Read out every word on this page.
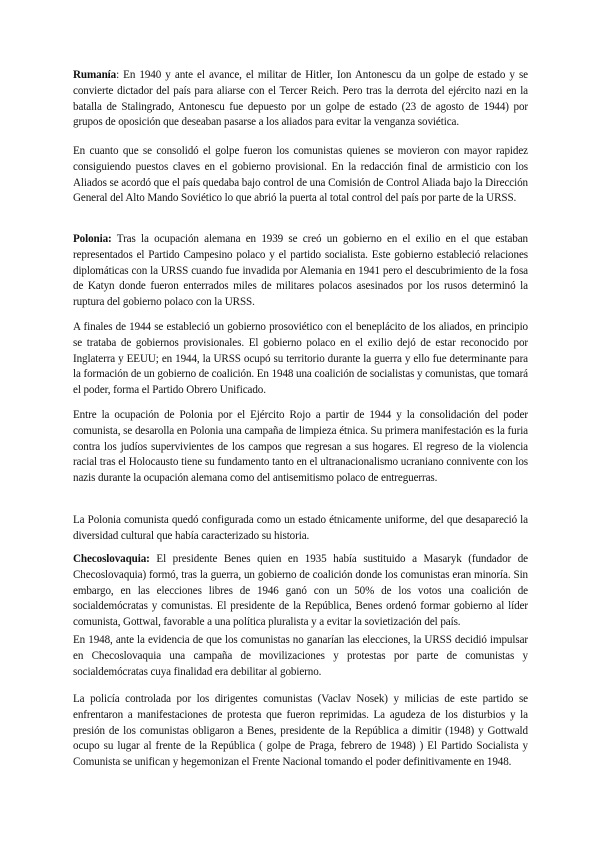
Rumanía: En 1940 y ante el avance, el militar de Hitler, Ion Antonescu da un golpe de estado y se convierte dictador del país para aliarse con el Tercer Reich. Pero tras la derrota del ejército nazi en la batalla de Stalingrado, Antonescu fue depuesto por un golpe de estado (23 de agosto de 1944) por grupos de oposición que deseaban pasarse a los aliados para evitar la venganza soviética.

En cuanto que se consolidó el golpe fueron los comunistas quienes se movieron con mayor rapidez consiguiendo puestos claves en el gobierno provisional. En la redacción final de armisticio con los Aliados se acordó que el país quedaba bajo control de una Comisión de Control Aliada bajo la Dirección General del Alto Mando Soviético lo que abrió la puerta al total control del país por parte de la URSS.

Polonia: Tras la ocupación alemana en 1939 se creó un gobierno en el exilio en el que estaban representados el Partido Campesino polaco y el partido socialista. Este gobierno estableció relaciones diplomáticas con la URSS cuando fue invadida por Alemania en 1941 pero el descubrimiento de la fosa de Katyn donde fueron enterrados miles de militares polacos asesinados por los rusos determinó la ruptura del gobierno polaco con la URSS.

A finales de 1944 se estableció un gobierno prosoviético con el beneplácito de los aliados, en principio se trataba de gobiernos provisionales. El gobierno polaco en el exilio dejó de estar reconocido por Inglaterra y EEUU; en 1944, la URSS ocupó su territorio durante la guerra y ello fue determinante para la formación de un gobierno de coalición. En 1948 una coalición de socialistas y comunistas, que tomará el poder, forma el Partido Obrero Unificado.

Entre la ocupación de Polonia por el Ejército Rojo a partir de 1944 y la consolidación del poder comunista, se desarolla en Polonia una campaña de limpieza étnica. Su primera manifestación es la furia contra los judíos supervivientes de los campos que regresan a sus hogares. El regreso de la violencia racial tras el Holocausto tiene su fundamento tanto en el ultranacionalismo ucraniano connivente con los nazis durante la ocupación alemana como del antisemitismo polaco de entreguerras.

La Polonia comunista quedó configurada como un estado étnicamente uniforme, del que desapareció la diversidad cultural que había caracterizado su historia.

Checoslovaquia: El presidente Benes quien en 1935 había sustituido a Masaryk (fundador de Checoslovaquia) formó, tras la guerra, un gobierno de coalición donde los comunistas eran minoría. Sin embargo, en las elecciones libres de 1946 ganó con un 50% de los votos una coalición de socialdemócratas y comunistas. El presidente de la República, Benes ordenó formar gobierno al líder comunista, Gottwal, favorable a una política pluralista y a evitar la sovietización del país.

En 1948, ante la evidencia de que los comunistas no ganarían las elecciones, la URSS decidió impulsar en Checoslovaquia una campaña de movilizaciones y protestas por parte de comunistas y socialdemócratas cuya finalidad era debilitar al gobierno.

La policía controlada por los dirigentes comunistas (Vaclav Nosek) y milicias de este partido se enfrentaron a manifestaciones de protesta que fueron reprimidas. La agudeza de los disturbios y la presión de los comunistas obligaron a Benes, presidente de la República a dimitir (1948) y Gottwald ocupo su lugar al frente de la República ( golpe de Praga, febrero de 1948) ) El Partido Socialista y Comunista se unifican y hegemonizan el Frente Nacional tomando el poder definitivamente en 1948.
